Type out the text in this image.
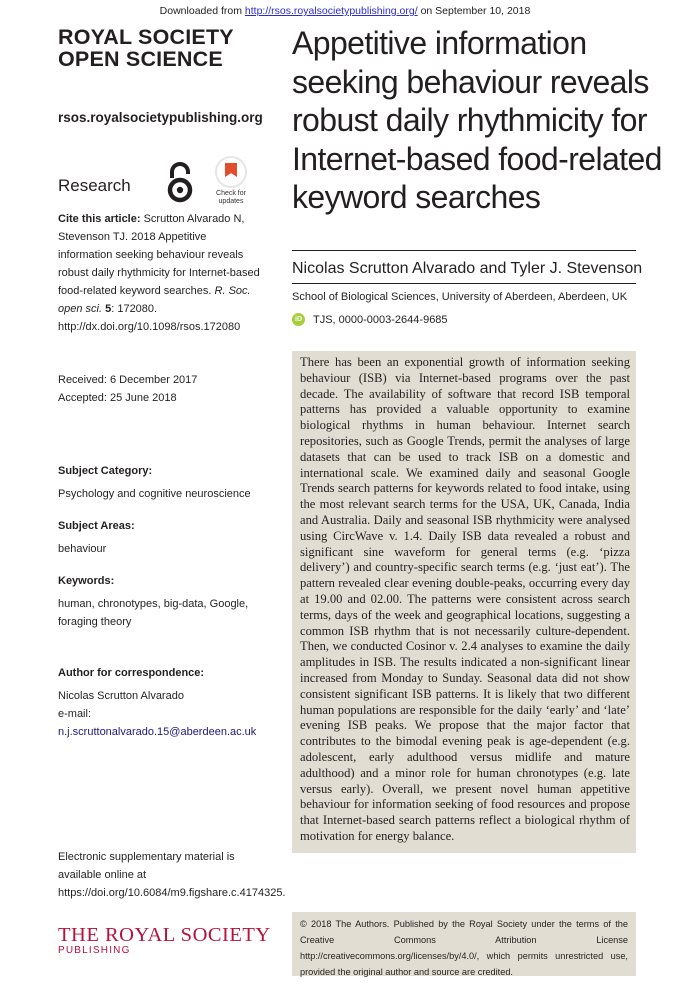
Downloaded from http://rsos.royalsocietypublishing.org/ on September 10, 2018
ROYAL SOCIETY
OPEN SCIENCE
rsos.royalsocietypublishing.org
Research	Check for
updates
Cite this article: Scrutton Alvarado N, Stevenson TJ. 2018 Appetitive information seeking behaviour reveals robust daily rhythmicity for Internet-based food-related keyword searches. R. Soc. open sci. 5: 172080. http://dx.doi.org/10.1098/rsos.172080
Received: 6 December 2017
Accepted: 25 June 2018
Subject Category:
Psychology and cognitive neuroscience
Subject Areas:
behaviour
Keywords:
human, chronotypes, big-data, Google, foraging theory
Author for correspondence:
Nicolas Scrutton Alvarado
e-mail:
n.j.scruttonalvarado.15@aberdeen.ac.uk
Electronic supplementary material is available online at https://doi.org/10.6084/m9.figshare.c.4174325.
THE ROYAL SOCIETY
PUBLISHING
Appetitive information seeking behaviour reveals robust daily rhythmicity for Internet-based food-related keyword searches
Nicolas Scrutton Alvarado and Tyler J. Stevenson
School of Biological Sciences, University of Aberdeen, Aberdeen, UK
iD TJS, 0000-0003-2644-9685

There has been an exponential growth of information seeking behaviour (ISB) via Internet-based programs over the past decade. The availability of software that record ISB temporal patterns has provided a valuable opportunity to examine biological rhythms in human behaviour. Internet search repositories, such as Google Trends, permit the analyses of large datasets that can be used to track ISB on a domestic and international scale. We examined daily and seasonal Google Trends search patterns for keywords related to food intake, using the most relevant search terms for the USA, UK, Canada, India and Australia. Daily and seasonal ISB rhythmicity were analysed using CircWave v. 1.4. Daily ISB data revealed a robust and significant sine waveform for general terms (e.g. ‘pizza delivery’) and country-specific search terms (e.g. ‘just eat’). The pattern revealed clear evening double-peaks, occurring every day at 19.00 and 02.00. The patterns were consistent across search terms, days of the week and geographical locations, suggesting a common ISB rhythm that is not necessarily culture-dependent. Then, we conducted Cosinor v. 2.4 analyses to examine the daily amplitudes in ISB. The results indicated a non-significant linear increased from Monday to Sunday. Seasonal data did not show consistent significant ISB patterns. It is likely that two different human populations are responsible for the daily ‘early’ and ‘late’ evening ISB peaks. We propose that the major factor that contributes to the bimodal evening peak is age-dependent (e.g. adolescent, early adulthood versus midlife and mature adulthood) and a minor role for human chronotypes (e.g. late versus early). Overall, we present novel human appetitive behaviour for information seeking of food resources and propose that Internet-based search patterns reflect a biological rhythm of motivation for energy balance.

© 2018 The Authors. Published by the Royal Society under the terms of the Creative Commons Attribution License http://creativecommons.org/licenses/by/4.0/, which permits unrestricted use, provided the original author and source are credited.
